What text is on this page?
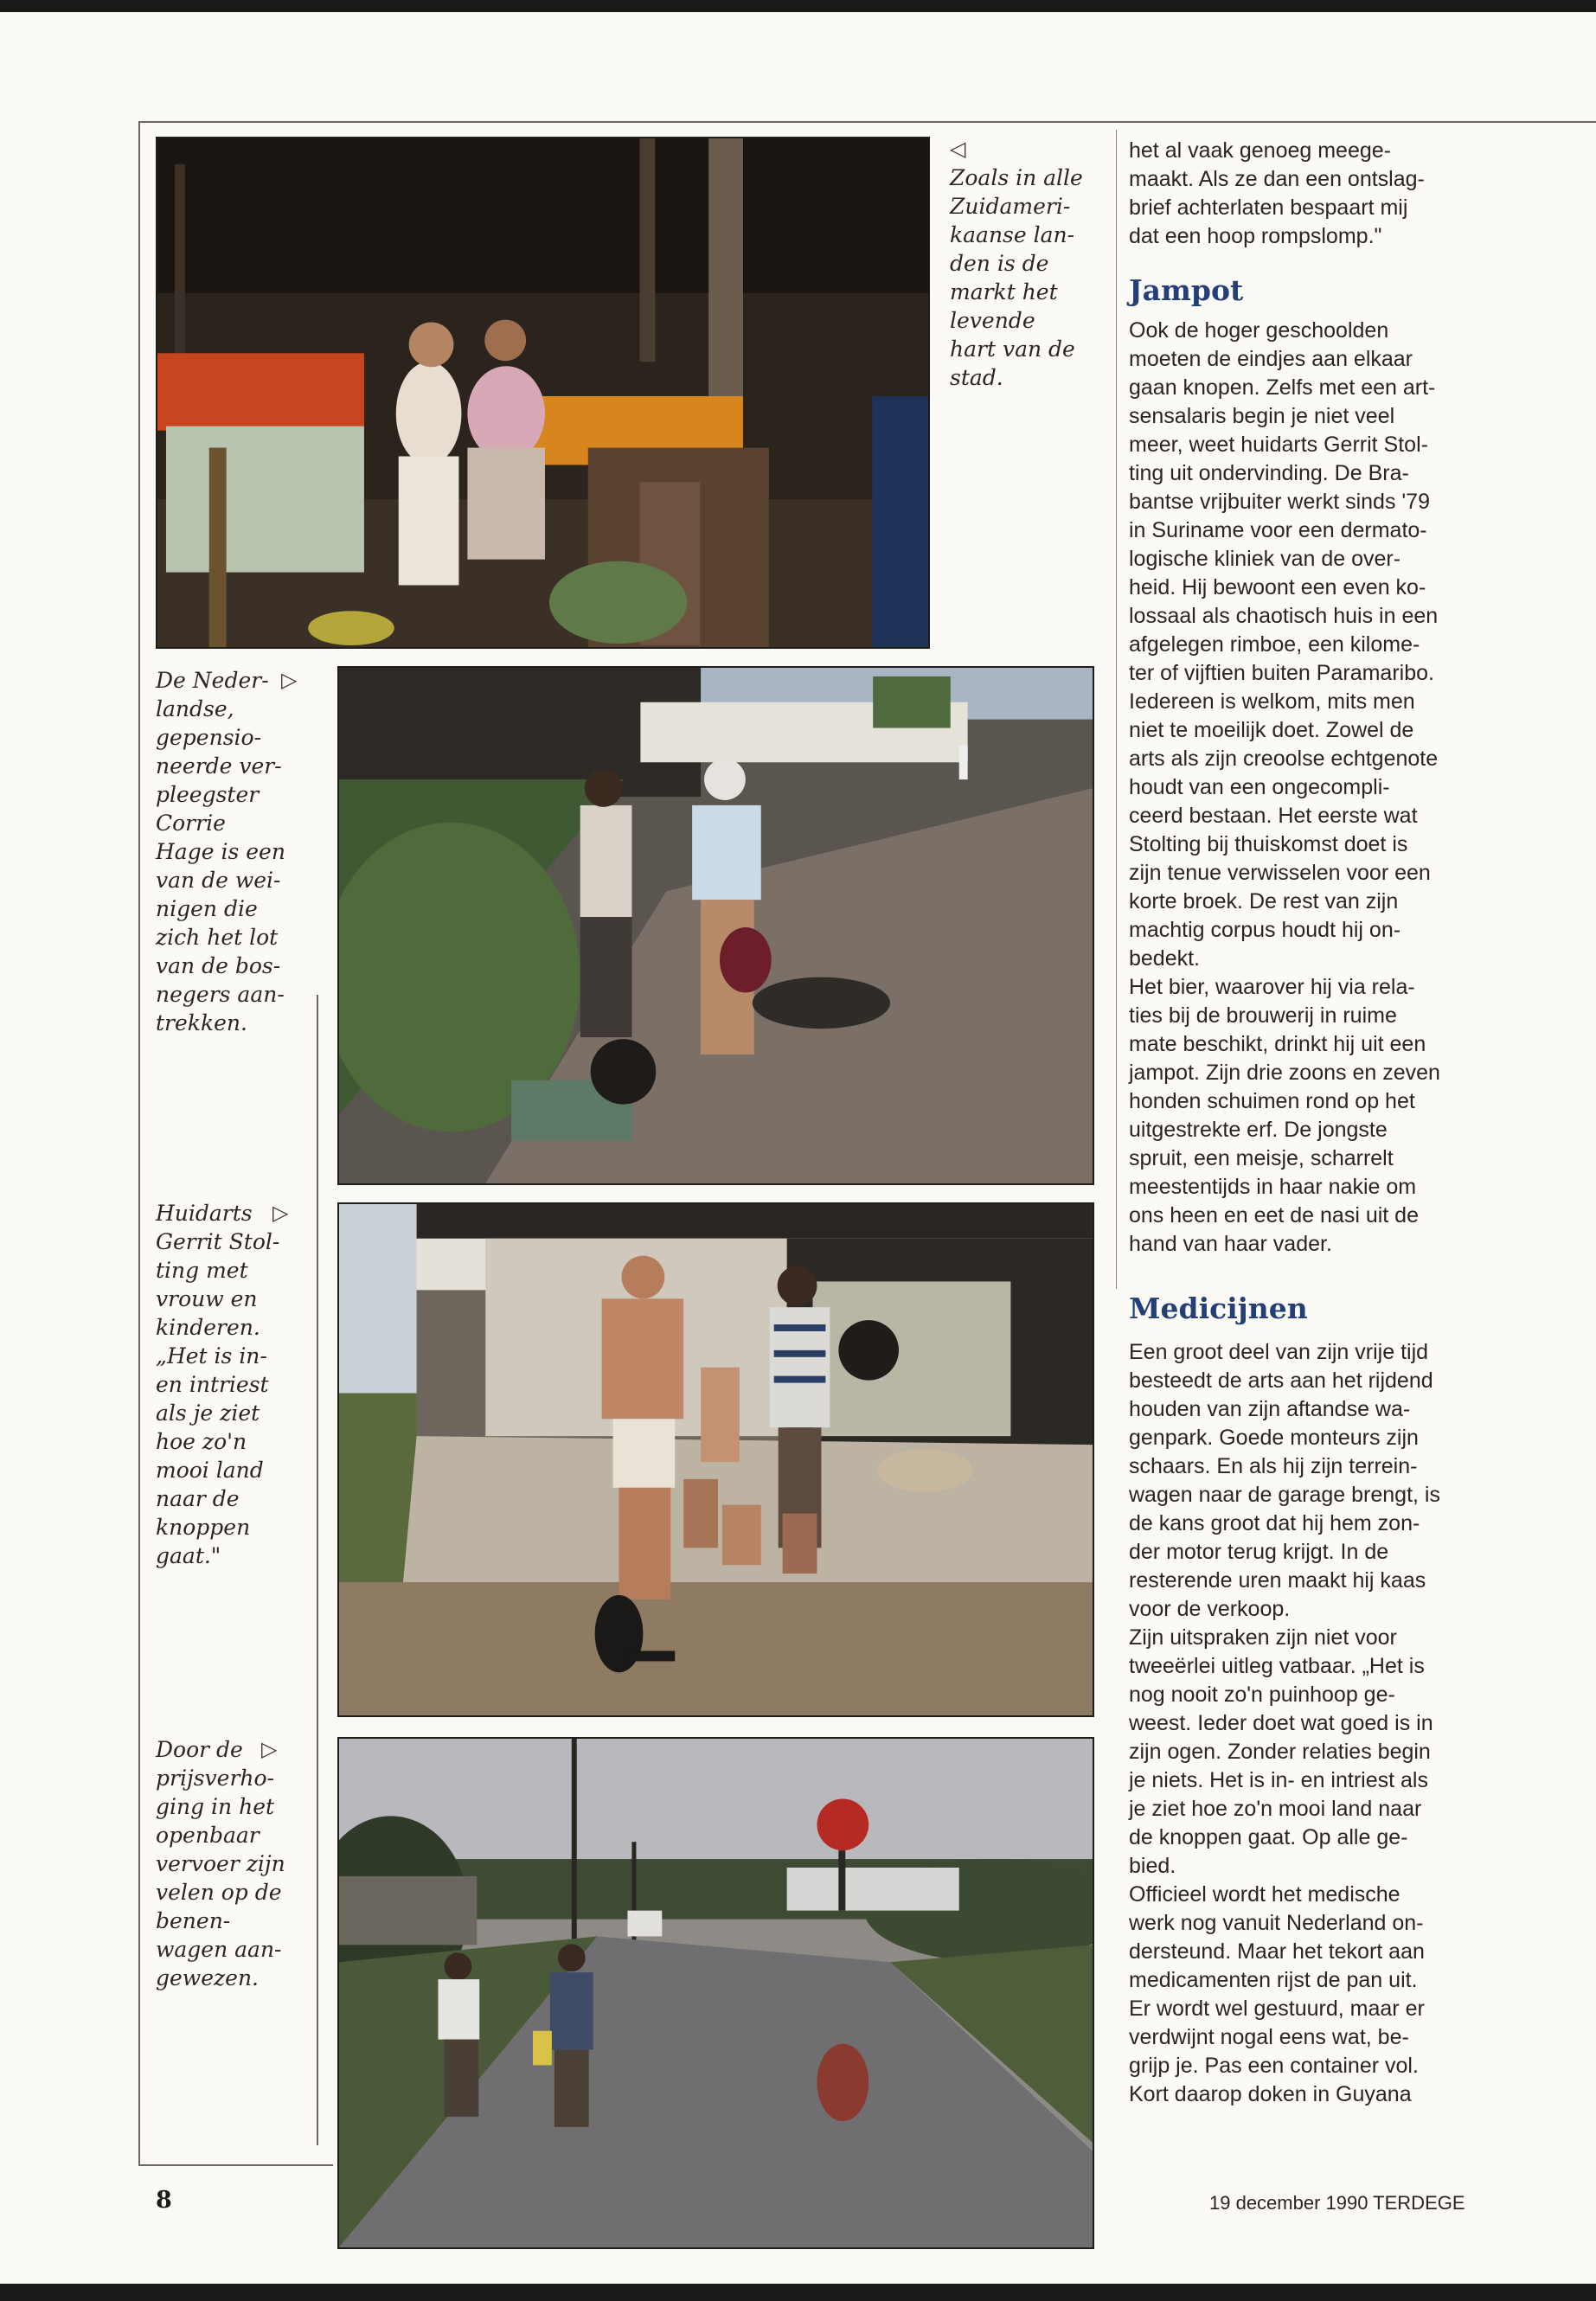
◁
Zoals in alle
Zuidameri-
kaanse lan-
den is de
markt het
levende
hart van de
stad.

De Neder-
landse,
gepensio-
neerde ver-
pleegster
Corrie
Hage is een
van de wei-
nigen die
zich het lot
van de bos-
negers aan-
trekken.
▷
Huidarts
Gerrit Stol-
ting met
vrouw en
kinderen.
„Het is in-
en intriest
als je ziet
hoe zo'n
mooi land
naar de
knoppen
gaat."
▷
Door de
prijsverho-
ging in het
openbaar
vervoer zijn
velen op de
benen-
wagen aan-
gewezen.
▷

het al vaak genoeg meege-
maakt. Als ze dan een ontslag-
brief achterlaten bespaart mij
dat een hoop rompslomp."

Jampot

Ook de hoger geschoolden
moeten de eindjes aan elkaar
gaan knopen. Zelfs met een art-
sensalaris begin je niet veel
meer, weet huidarts Gerrit Stol-
ting uit ondervinding. De Bra-
bantse vrijbuiter werkt sinds '79
in Suriname voor een dermato-
logische kliniek van de over-
heid. Hij bewoont een even ko-
lossaal als chaotisch huis in een
afgelegen rimboe, een kilome-
ter of vijftien buiten Paramaribo.
Iedereen is welkom, mits men
niet te moeilijk doet. Zowel de
arts als zijn creoolse echtgenote
houdt van een ongecompli-
ceerd bestaan. Het eerste wat
Stolting bij thuiskomst doet is
zijn tenue verwisselen voor een
korte broek. De rest van zijn
machtig corpus houdt hij on-
bedekt.

Het bier, waarover hij via rela-
ties bij de brouwerij in ruime
mate beschikt, drinkt hij uit een
jampot. Zijn drie zoons en zeven
honden schuimen rond op het
uitgestrekte erf. De jongste
spruit, een meisje, scharrelt
meestentijds in haar nakie om
ons heen en eet de nasi uit de
hand van haar vader.

Medicijnen

Een groot deel van zijn vrije tijd
besteedt de arts aan het rijdend
houden van zijn aftandse wa-
genpark. Goede monteurs zijn
schaars. En als hij zijn terrein-
wagen naar de garage brengt, is
de kans groot dat hij hem zon-
der motor terug krijgt. In de
resterende uren maakt hij kaas
voor de verkoop.

Zijn uitspraken zijn niet voor
tweeërlei uitleg vatbaar. „Het is
nog nooit zo'n puinhoop ge-
weest. Ieder doet wat goed is in
zijn ogen. Zonder relaties begin
je niets. Het is in- en intriest als
je ziet hoe zo'n mooi land naar
de knoppen gaat. Op alle ge-
bied.

Officieel wordt het medische
werk nog vanuit Nederland on-
dersteund. Maar het tekort aan
medicamenten rijst de pan uit.
Er wordt wel gestuurd, maar er
verdwijnt nogal eens wat, be-
grijp je. Pas een container vol.
Kort daarop doken in Guyana

8	19 december 1990 TERDEGE
